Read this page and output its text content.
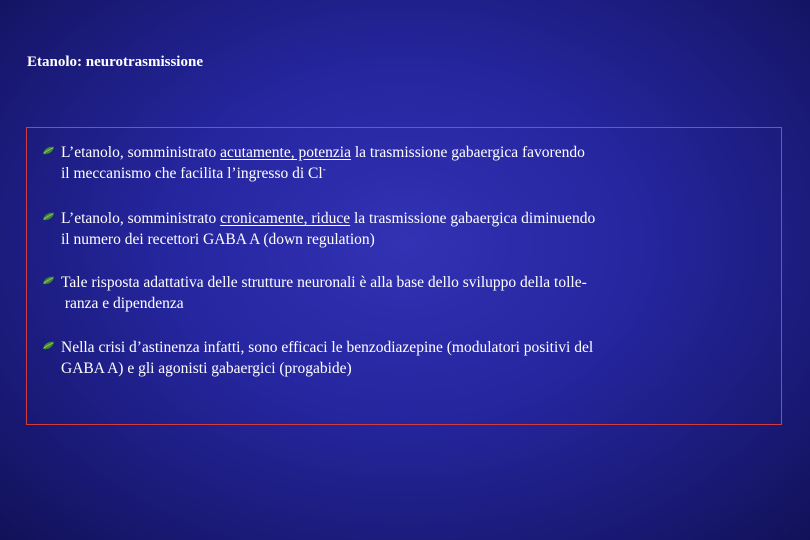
Etanolo: neurotrasmissione
L’etanolo, somministrato acutamente, potenzia la trasmissione gabaergica favorendo
il meccanismo che facilita l’ingresso di Cl-
L’etanolo, somministrato cronicamente, riduce la trasmissione gabaergica diminuendo
il numero dei recettori GABA A (down regulation)
Tale risposta adattativa delle strutture neuronali è alla base dello sviluppo della tolle-
ranza e dipendenza
Nella crisi d’astinenza infatti, sono efficaci le benzodiazepine (modulatori positivi del
GABA A) e gli agonisti gabaergici (progabide)
